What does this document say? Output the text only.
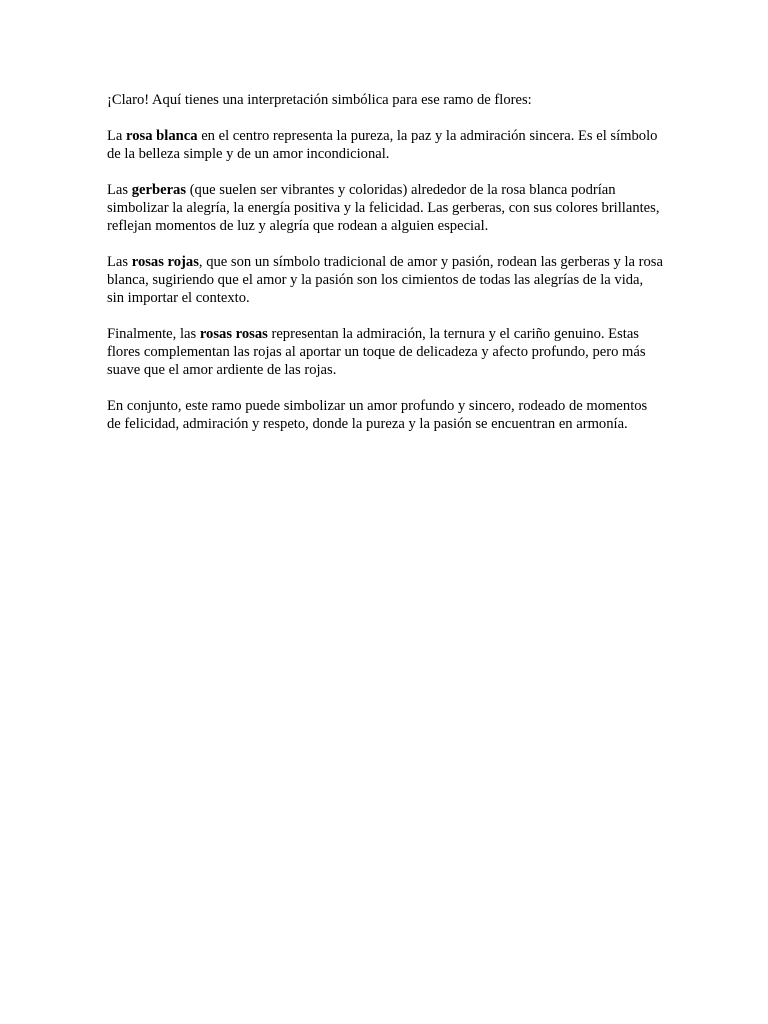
¡Claro! Aquí tienes una interpretación simbólica para ese ramo de flores:

La rosa blanca en el centro representa la pureza, la paz y la admiración sincera. Es el símbolo de la belleza simple y de un amor incondicional.

Las gerberas (que suelen ser vibrantes y coloridas) alrededor de la rosa blanca podrían simbolizar la alegría, la energía positiva y la felicidad. Las gerberas, con sus colores brillantes, reflejan momentos de luz y alegría que rodean a alguien especial.

Las rosas rojas, que son un símbolo tradicional de amor y pasión, rodean las gerberas y la rosa blanca, sugiriendo que el amor y la pasión son los cimientos de todas las alegrías de la vida, sin importar el contexto.

Finalmente, las rosas rosas representan la admiración, la ternura y el cariño genuino. Estas flores complementan las rojas al aportar un toque de delicadeza y afecto profundo, pero más suave que el amor ardiente de las rojas.

En conjunto, este ramo puede simbolizar un amor profundo y sincero, rodeado de momentos de felicidad, admiración y respeto, donde la pureza y la pasión se encuentran en armonía.
